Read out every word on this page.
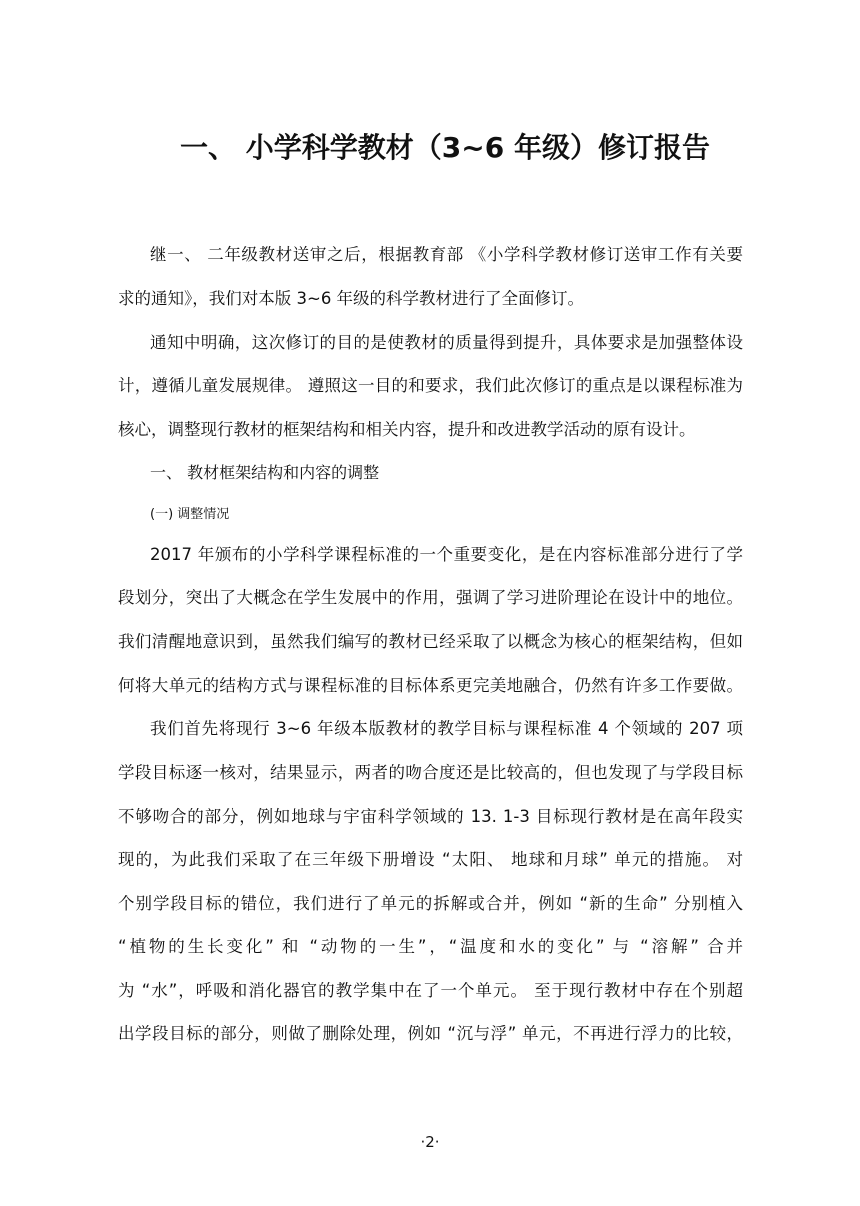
一、 小学科学教材（3~6 年级）修订报告

继一、 二年级教材送审之后，根据教育部 《小学科学教材修订送审工作有关要

求的通知》，我们对本版 3~6 年级的科学教材进行了全面修订。

通知中明确，这次修订的目的是使教材的质量得到提升，具体要求是加强整体设

计，遵循儿童发展规律。 遵照这一目的和要求，我们此次修订的重点是以课程标准为

核心，调整现行教材的框架结构和相关内容，提升和改进教学活动的原有设计。

一、 教材框架结构和内容的调整

(一) 调整情况

2017 年颁布的小学科学课程标准的一个重要变化，是在内容标准部分进行了学

段划分，突出了大概念在学生发展中的作用，强调了学习进阶理论在设计中的地位。

我们清醒地意识到，虽然我们编写的教材已经采取了以概念为核心的框架结构，但如

何将大单元的结构方式与课程标准的目标体系更完美地融合，仍然有许多工作要做。

我们首先将现行 3~6 年级本版教材的教学目标与课程标准 4 个领域的 207 项

学段目标逐一核对，结果显示，两者的吻合度还是比较高的，但也发现了与学段目标

不够吻合的部分，例如地球与宇宙科学领域的 13. 1-3 目标现行教材是在高年段实

现的，为此我们采取了在三年级下册增设 “太阳、 地球和月球” 单元的措施。 对

个别学段目标的错位，我们进行了单元的拆解或合并，例如 “新的生命” 分别植入

“植物的生长变化” 和 “动物的一生”，“温度和水的变化” 与 “溶解” 合并

为 “水”，呼吸和消化器官的教学集中在了一个单元。 至于现行教材中存在个别超

出学段目标的部分，则做了删除处理，例如 “沉与浮” 单元，不再进行浮力的比较，

·2·
